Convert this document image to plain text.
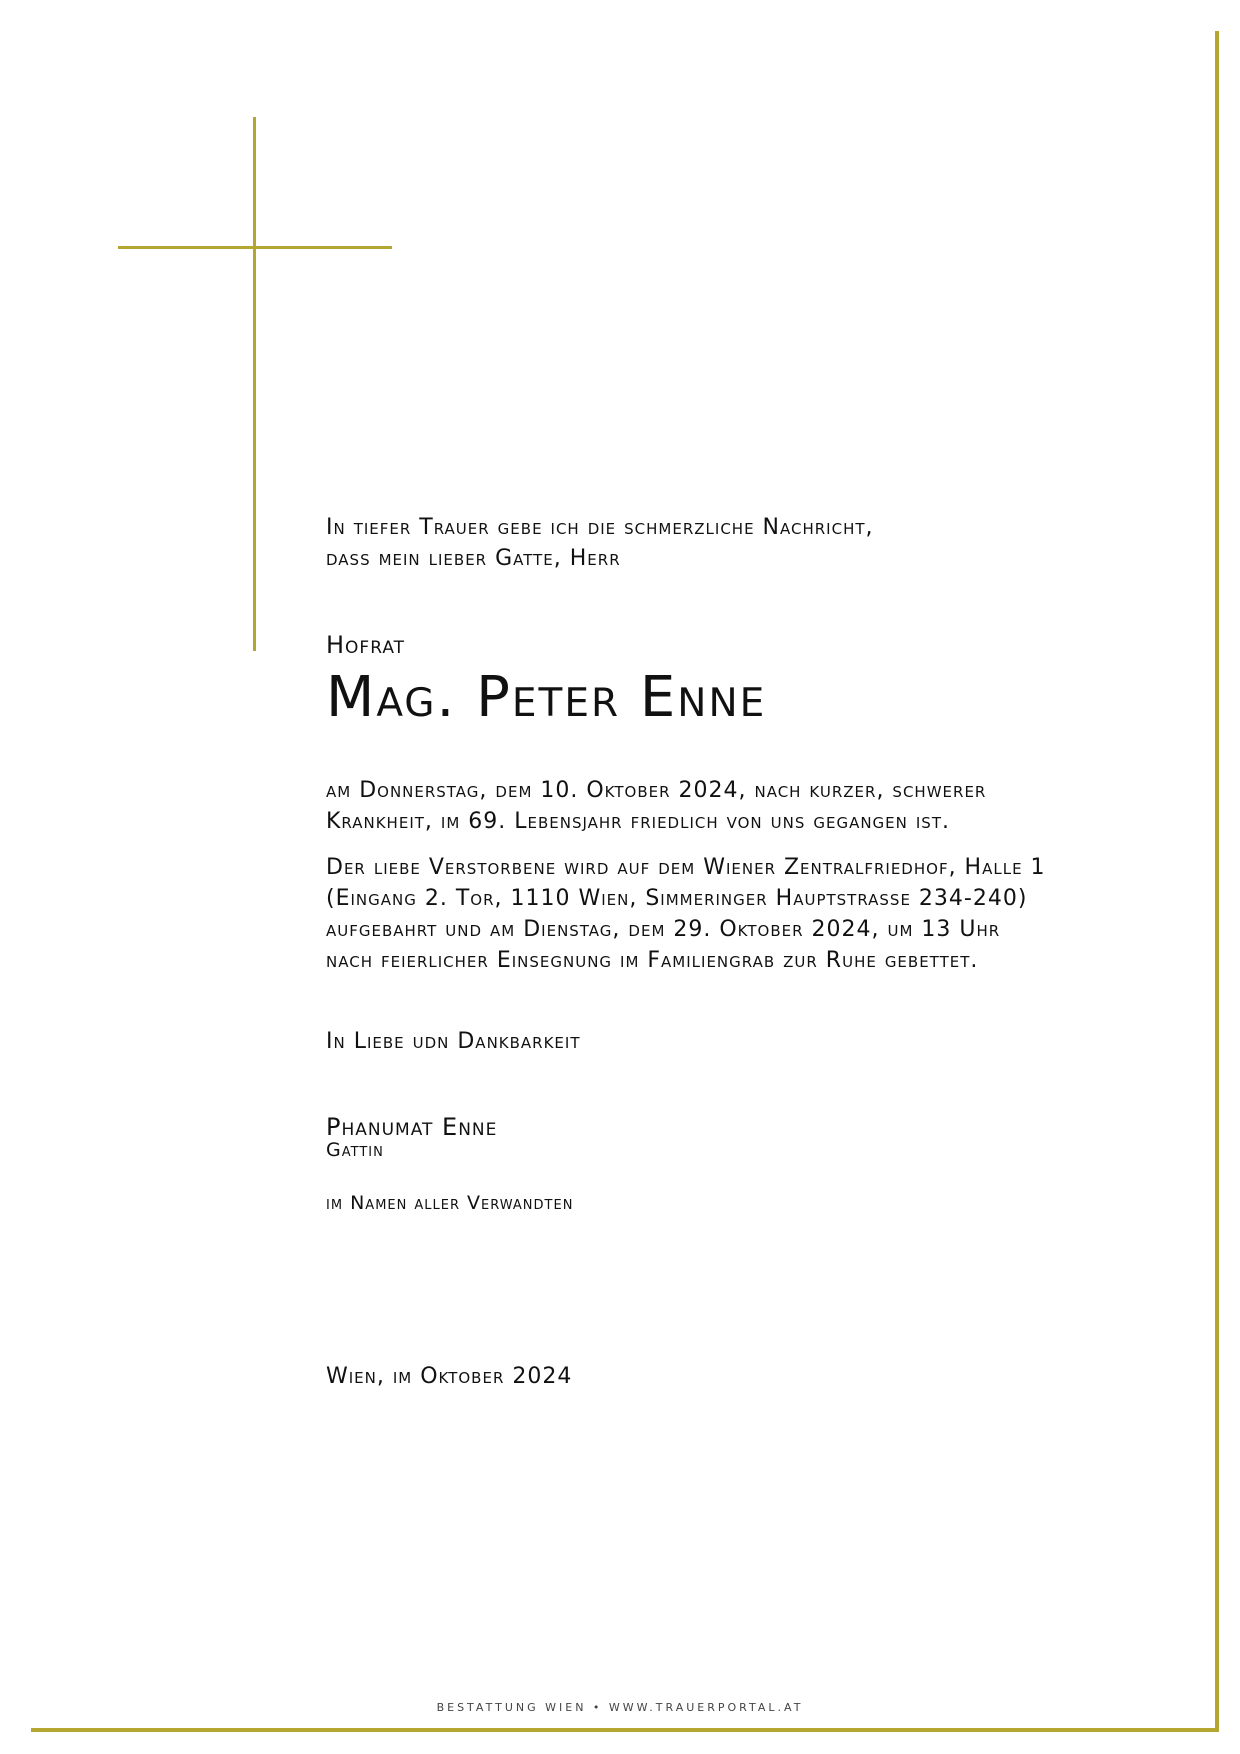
In tiefer Trauer gebe ich die schmerzliche Nachricht,
dass mein lieber Gatte, Herr
Hofrat
Mag. Peter Enne
am Donnerstag, dem 10. Oktober 2024, nach kurzer, schwerer
Krankheit, im 69. Lebensjahr friedlich von uns gegangen ist.
Der liebe Verstorbene wird auf dem Wiener Zentralfriedhof, Halle 1
(Eingang 2. Tor, 1110 Wien, Simmeringer Hauptstrasse 234-240)
aufgebahrt und am Dienstag, dem 29. Oktober 2024, um 13 Uhr
nach feierlicher Einsegnung im Familiengrab zur Ruhe gebettet.
In Liebe udn Dankbarkeit
Phanumat Enne
Gattin
im Namen aller Verwandten
Wien, im Oktober 2024
BESTATTUNG WIEN • WWW.TRAUERPORTAL.AT
